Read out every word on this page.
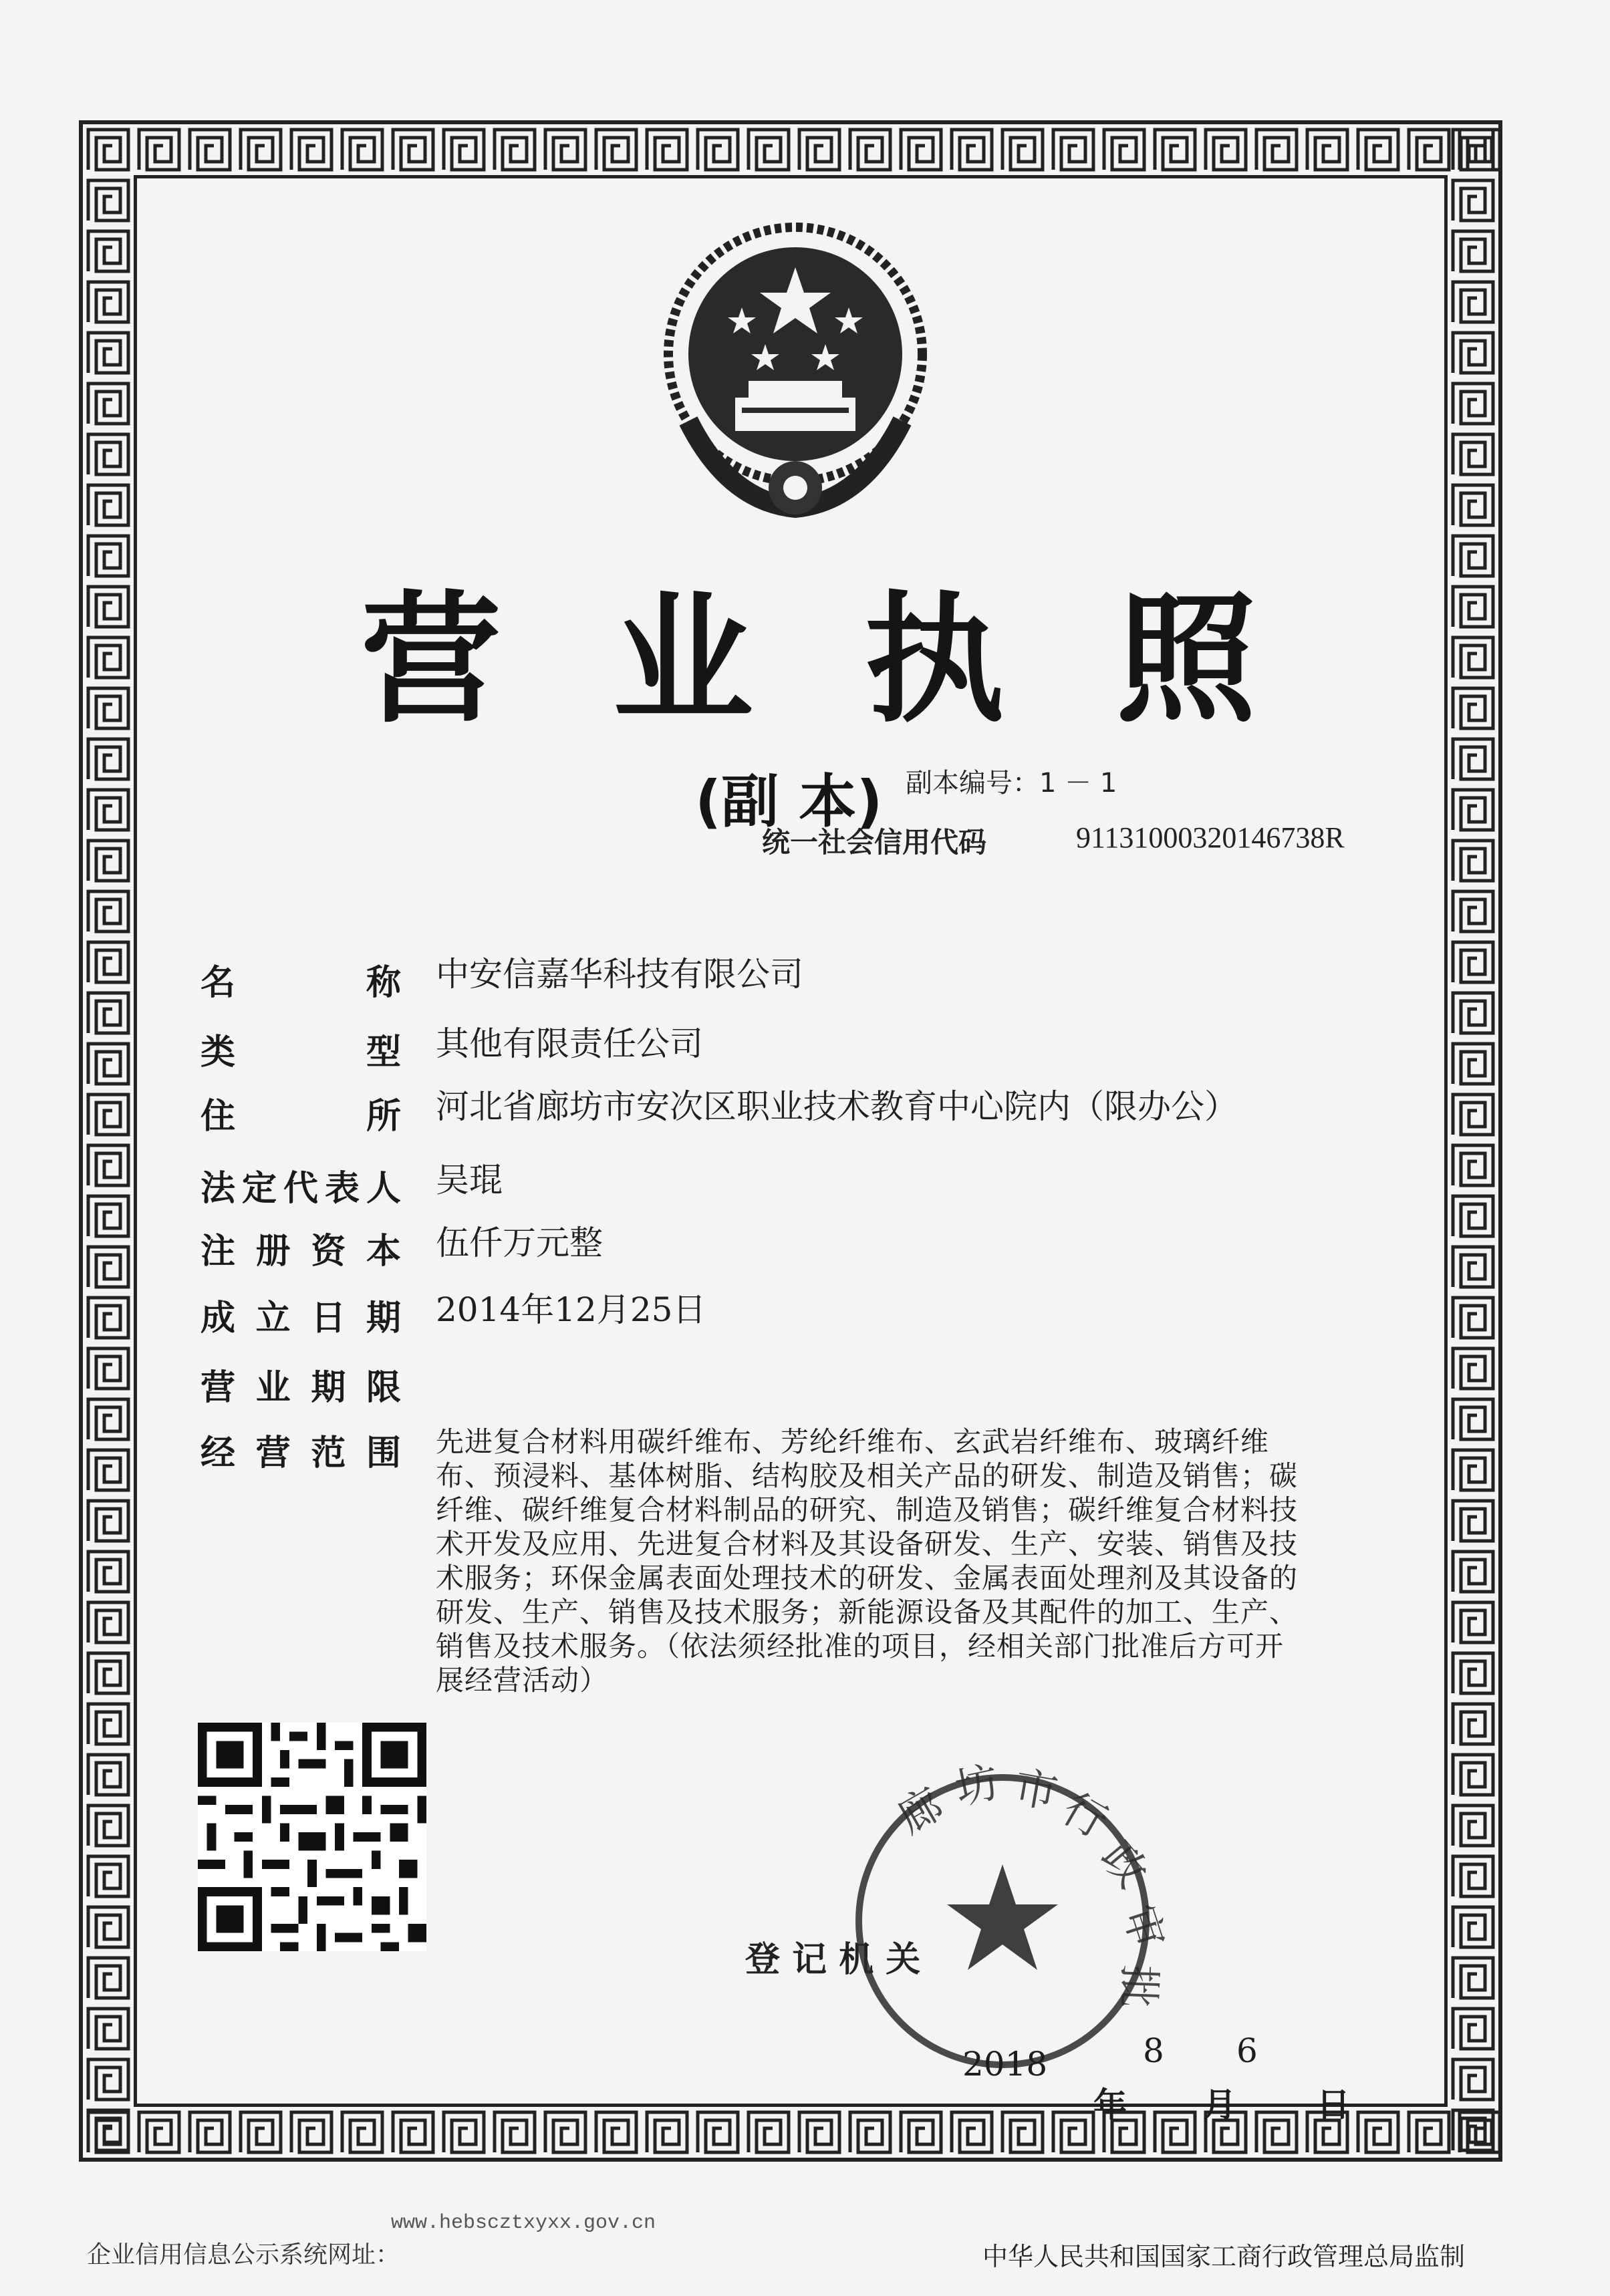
营 业 执 照
(副 本) 副本编号：1 － 1
统一社会信用代码	91131000320146738R
名	称 中安信嘉华科技有限公司
类	型 其他有限责任公司
住	所 河北省廊坊市安次区职业技术教育中心院内（限办公）
法 定 代 表 人 吴琨
注 册 资 本 伍仟万元整
成 立 日 期 2014年12月25日
营 业 期 限
经 营 范 围 先进复合材料用碳纤维布、芳纶纤维布、玄武岩纤维布、玻璃纤维布、预浸料、基体树脂、结构胶及相关产品的研发、制造及销售；碳纤维、碳纤维复合材料制品的研究、制造及销售；碳纤维复合材料技术开发及应用、先进复合材料及其设备研发、生产、安装、销售及技术服务；环保金属表面处理技术的研发、金属表面处理剂及其设备的研发、生产、销售及技术服务；新能源设备及其配件的加工、生产、销售及技术服务。（依法须经批准的项目，经相关部门批准后方可开展经营活动）
登 记 机 关
廊 坊 市
行
政
审
批
2018	8 6
年 月 日
www.hebscztxyxx.gov.cn
企业信用信息公示系统网址：	中华人民共和国国家工商行政管理总局监制
